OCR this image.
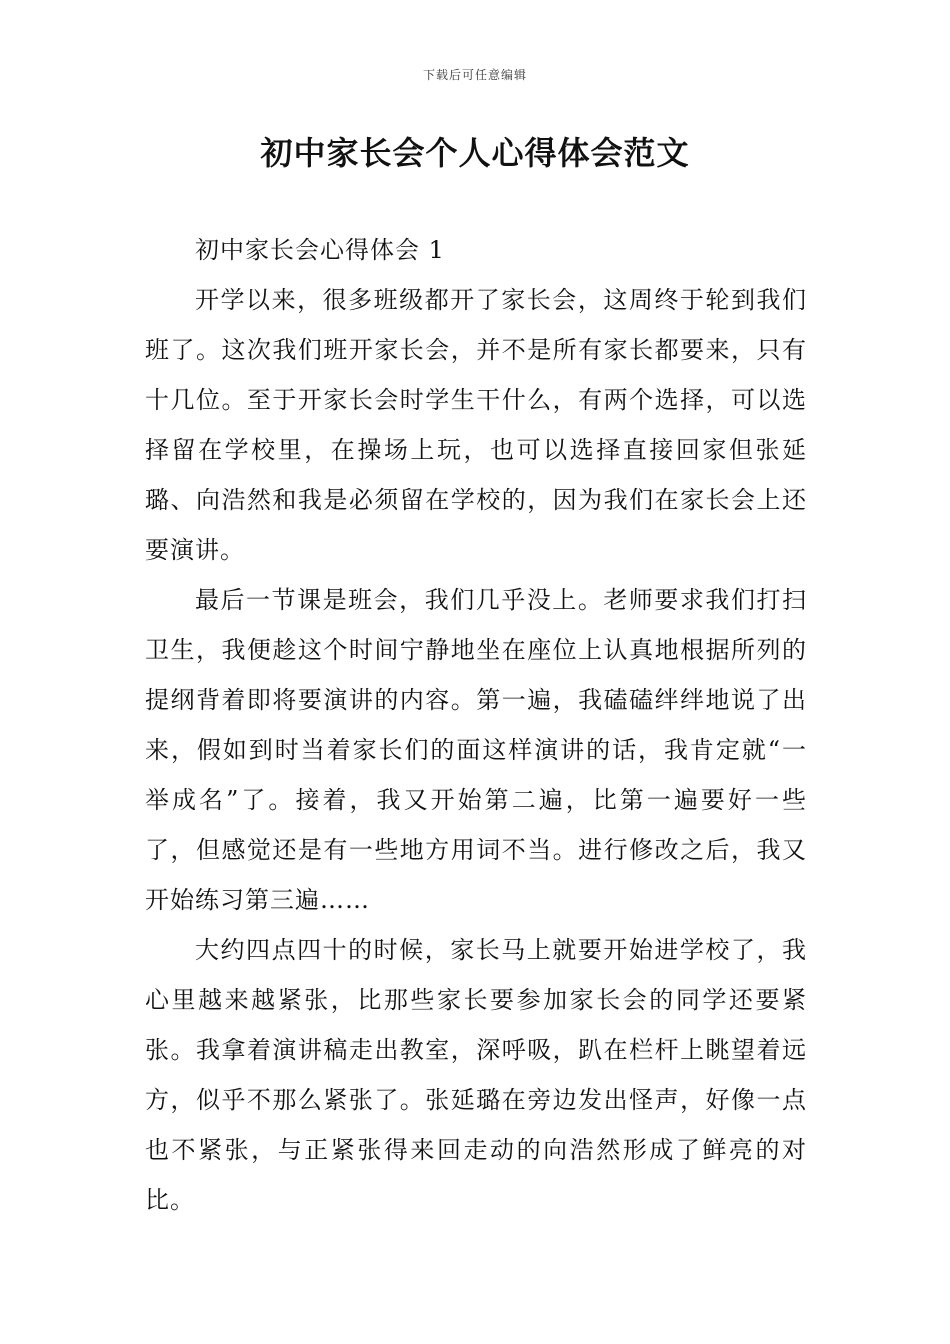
下载后可任意编辑
初中家长会个人心得体会范文

初中家长会心得体会 1

开学以来，很多班级都开了家长会，这周终于轮到我们班了。这次我们班开家长会，并不是所有家长都要来，只有十几位。至于开家长会时学生干什么，有两个选择，可以选择留在学校里，在操场上玩，也可以选择直接回家但张延璐、向浩然和我是必须留在学校的，因为我们在家长会上还要演讲。

最后一节课是班会，我们几乎没上。老师要求我们打扫卫生，我便趁这个时间宁静地坐在座位上认真地根据所列的提纲背着即将要演讲的内容。第一遍，我磕磕绊绊地说了出来，假如到时当着家长们的面这样演讲的话，我肯定就“一举成名”了。接着，我又开始第二遍，比第一遍要好一些了，但感觉还是有一些地方用词不当。进行修改之后，我又开始练习第三遍……

大约四点四十的时候，家长马上就要开始进学校了，我心里越来越紧张，比那些家长要参加家长会的同学还要紧张。我拿着演讲稿走出教室，深呼吸，趴在栏杆上眺望着远方，似乎不那么紧张了。张延璐在旁边发出怪声，好像一点也不紧张，与正紧张得来回走动的向浩然形成了鲜亮的对比。
